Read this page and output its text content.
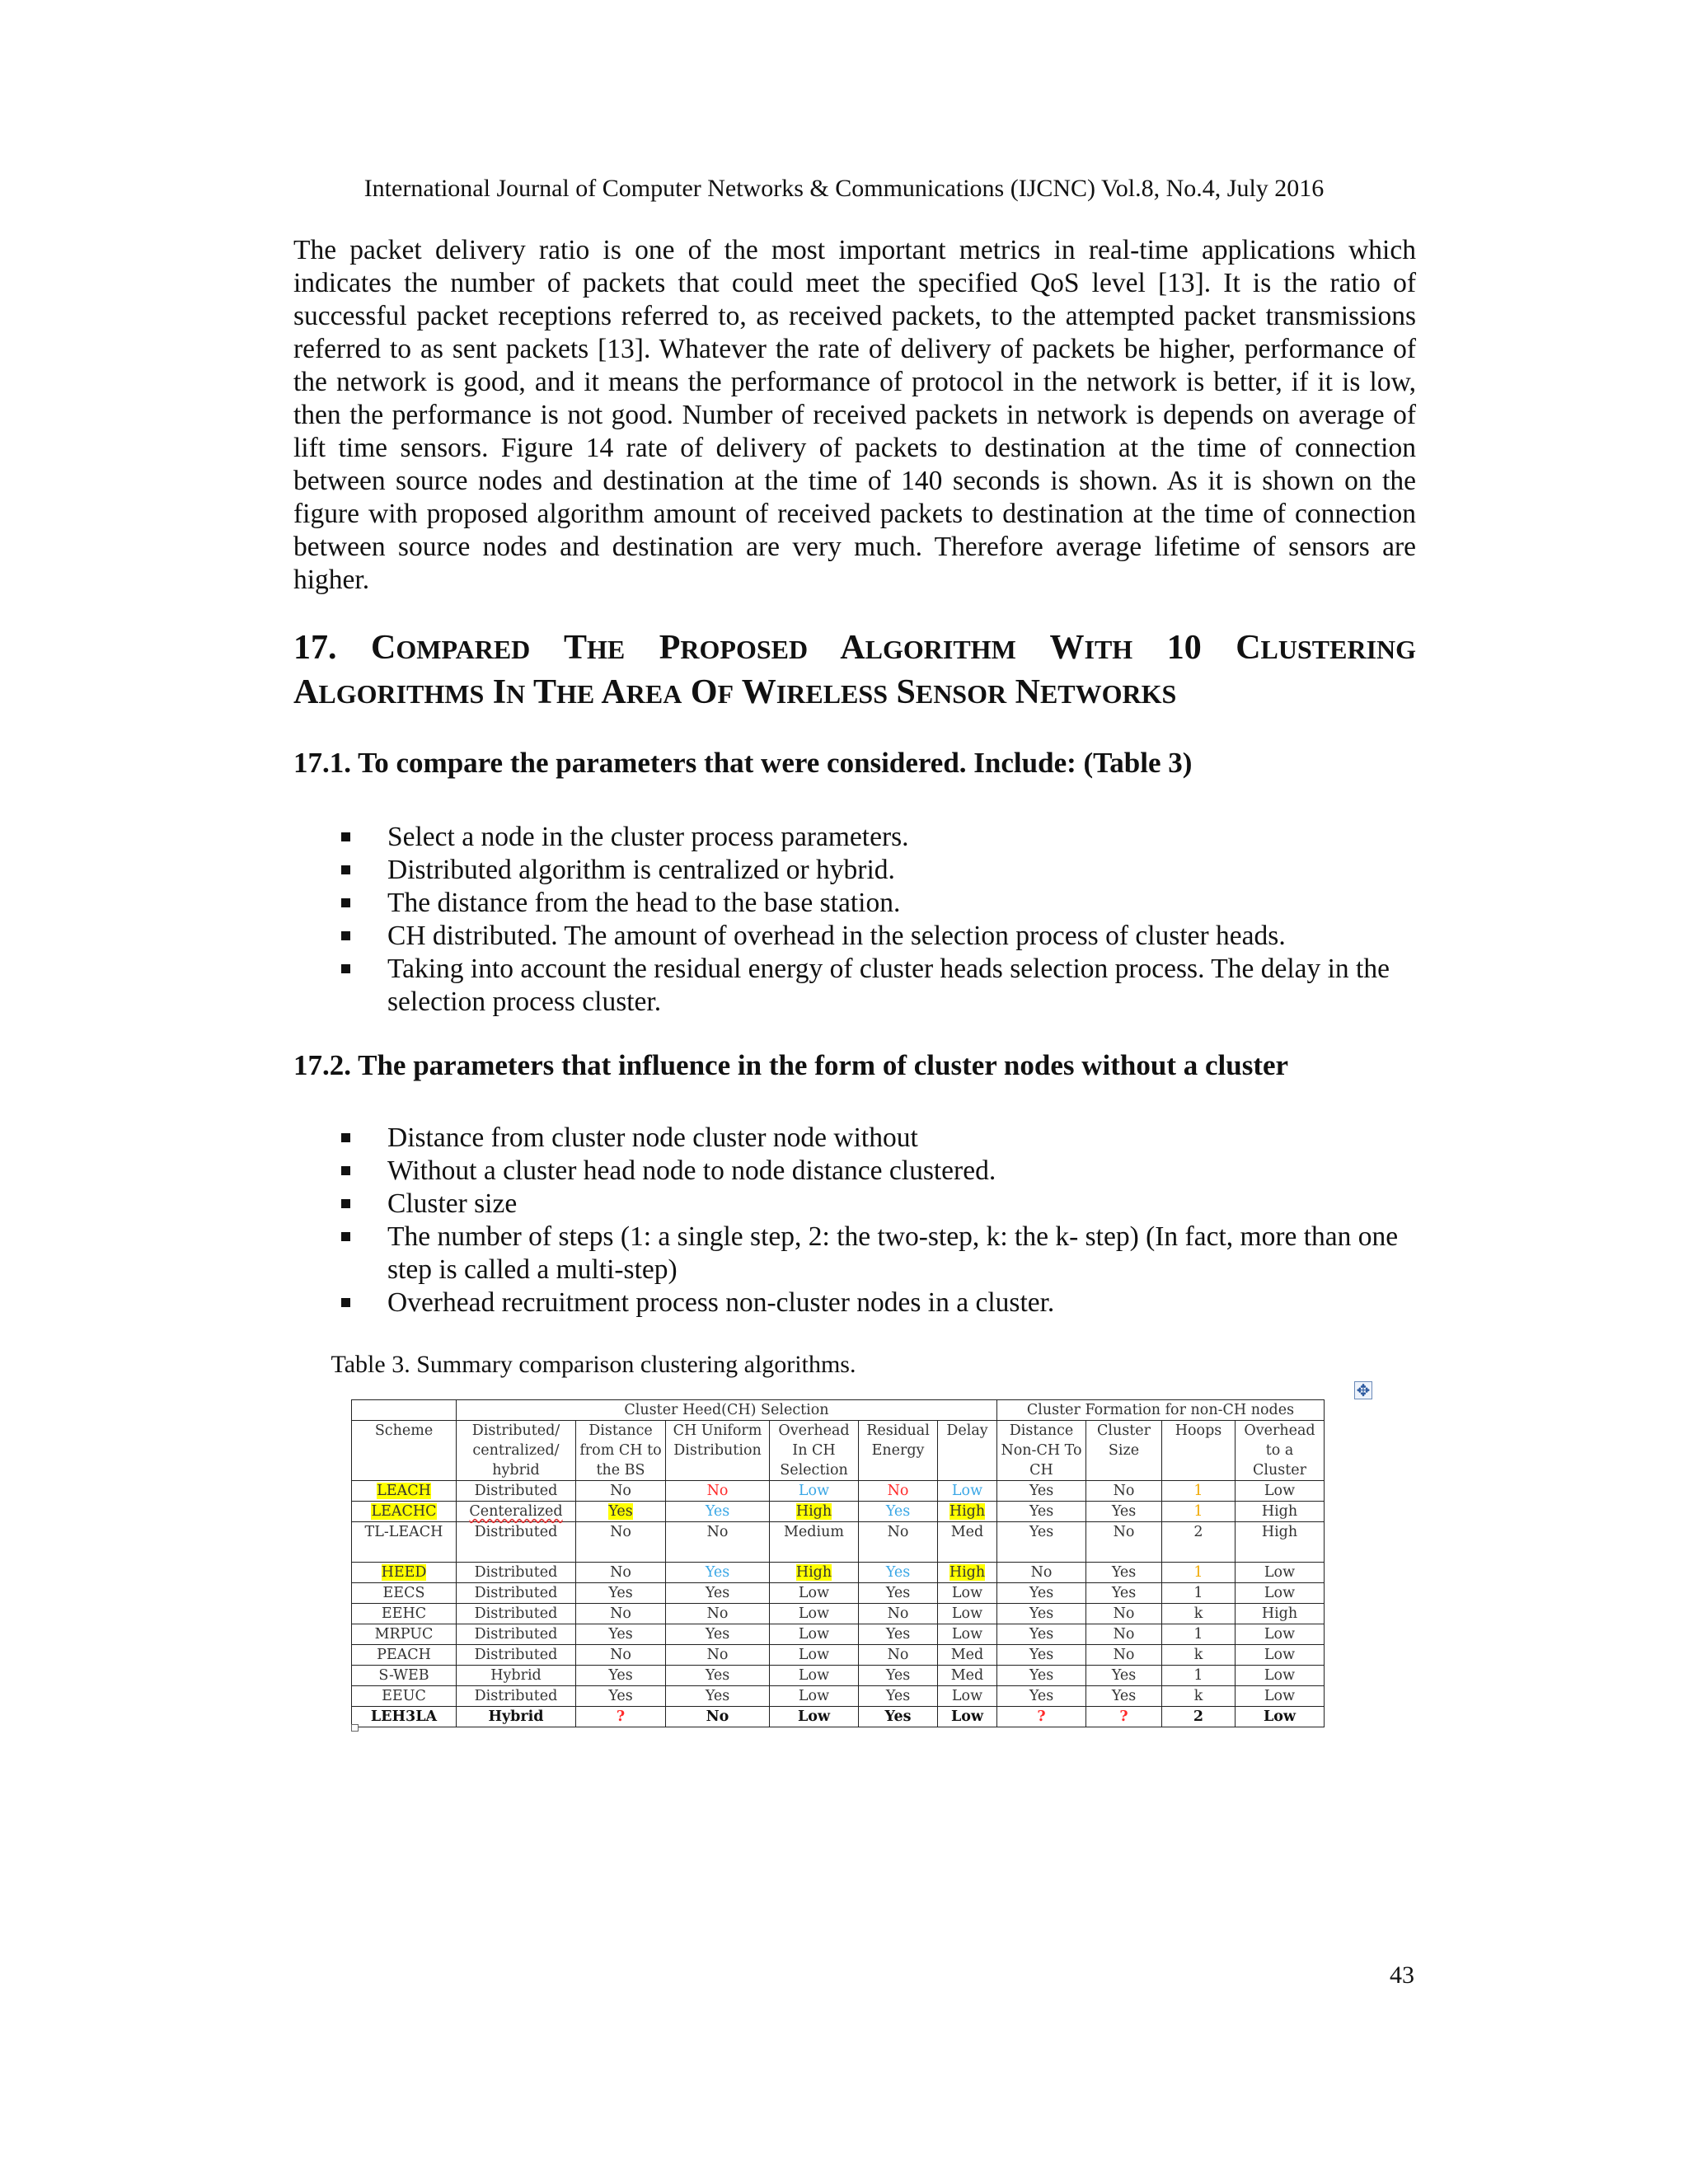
International Journal of Computer Networks & Communications (IJCNC) Vol.8, No.4, July 2016

The packet delivery ratio is one of the most important metrics in real-time applications which indicates the number of packets that could meet the specified QoS level [13]. It is the ratio of successful packet receptions referred to, as received packets, to the attempted packet transmissions referred to as sent packets [13]. Whatever the rate of delivery of packets be higher, performance of the network is good, and it means the performance of protocol in the network is better, if it is low, then the performance is not good. Number of received packets in network is depends on average of lift time sensors. Figure 14 rate of delivery of packets to destination at the time of connection between source nodes and destination at the time of 140 seconds is shown. As it is shown on the figure with proposed algorithm amount of received packets to destination at the time of connection between source nodes and destination are very much. Therefore average lifetime of sensors are higher.

17. COMPARED THE PROPOSED ALGORITHM WITH 10 CLUSTERING ALGORITHMS IN THE AREA OF WIRELESS SENSOR NETWORKS
17.1. To compare the parameters that were considered. Include: (Table 3)
Select a node in the cluster process parameters.
Distributed algorithm is centralized or hybrid.
The distance from the head to the base station.
CH distributed. The amount of overhead in the selection process of cluster heads.
Taking into account the residual energy of cluster heads selection process. The delay in the selection process cluster.
17.2. The parameters that influence in the form of cluster nodes without a cluster
Distance from cluster node cluster node without
Without a cluster head node to node distance clustered.
Cluster size
The number of steps (1: a single step, 2: the two-step, k: the k- step) (In fact, more than one step is called a multi-step)
Overhead recruitment process non-cluster nodes in a cluster.
Table 3. Summary comparison clustering algorithms.
✥
	Cluster Heed(CH) Selection						Cluster Formation for non-CH nodes			
Scheme	Distributed/ centralized/ hybrid	Distance from CH to the BS	CH Uniform Distribution	Overhead In CH Selection	Residual Energy	Delay	Distance Non-CH To CH	Cluster Size	Hoops	Overhead to a Cluster
LEACH	Distributed	No	No	Low	No	Low	Yes	No	1	Low
LEACHC	Centeralized	Yes	Yes	High	Yes	High	Yes	Yes	1	High
TL-LEACH	Distributed	No	No	Medium	No	Med	Yes	No	2	High
HEED	Distributed	No	Yes	High	Yes	High	No	Yes	1	Low
EECS	Distributed	Yes	Yes	Low	Yes	Low	Yes	Yes	1	Low
EEHC	Distributed	No	No	Low	No	Low	Yes	No	k	High
MRPUC	Distributed	Yes	Yes	Low	Yes	Low	Yes	No	1	Low
PEACH	Distributed	No	No	Low	No	Med	Yes	No	k	Low
S-WEB	Hybrid	Yes	Yes	Low	Yes	Med	Yes	Yes	1	Low
EEUC	Distributed	Yes	Yes	Low	Yes	Low	Yes	Yes	k	Low
LEH3LA	Hybrid	?	No	Low	Yes	Low	?	?	2	Low
43
